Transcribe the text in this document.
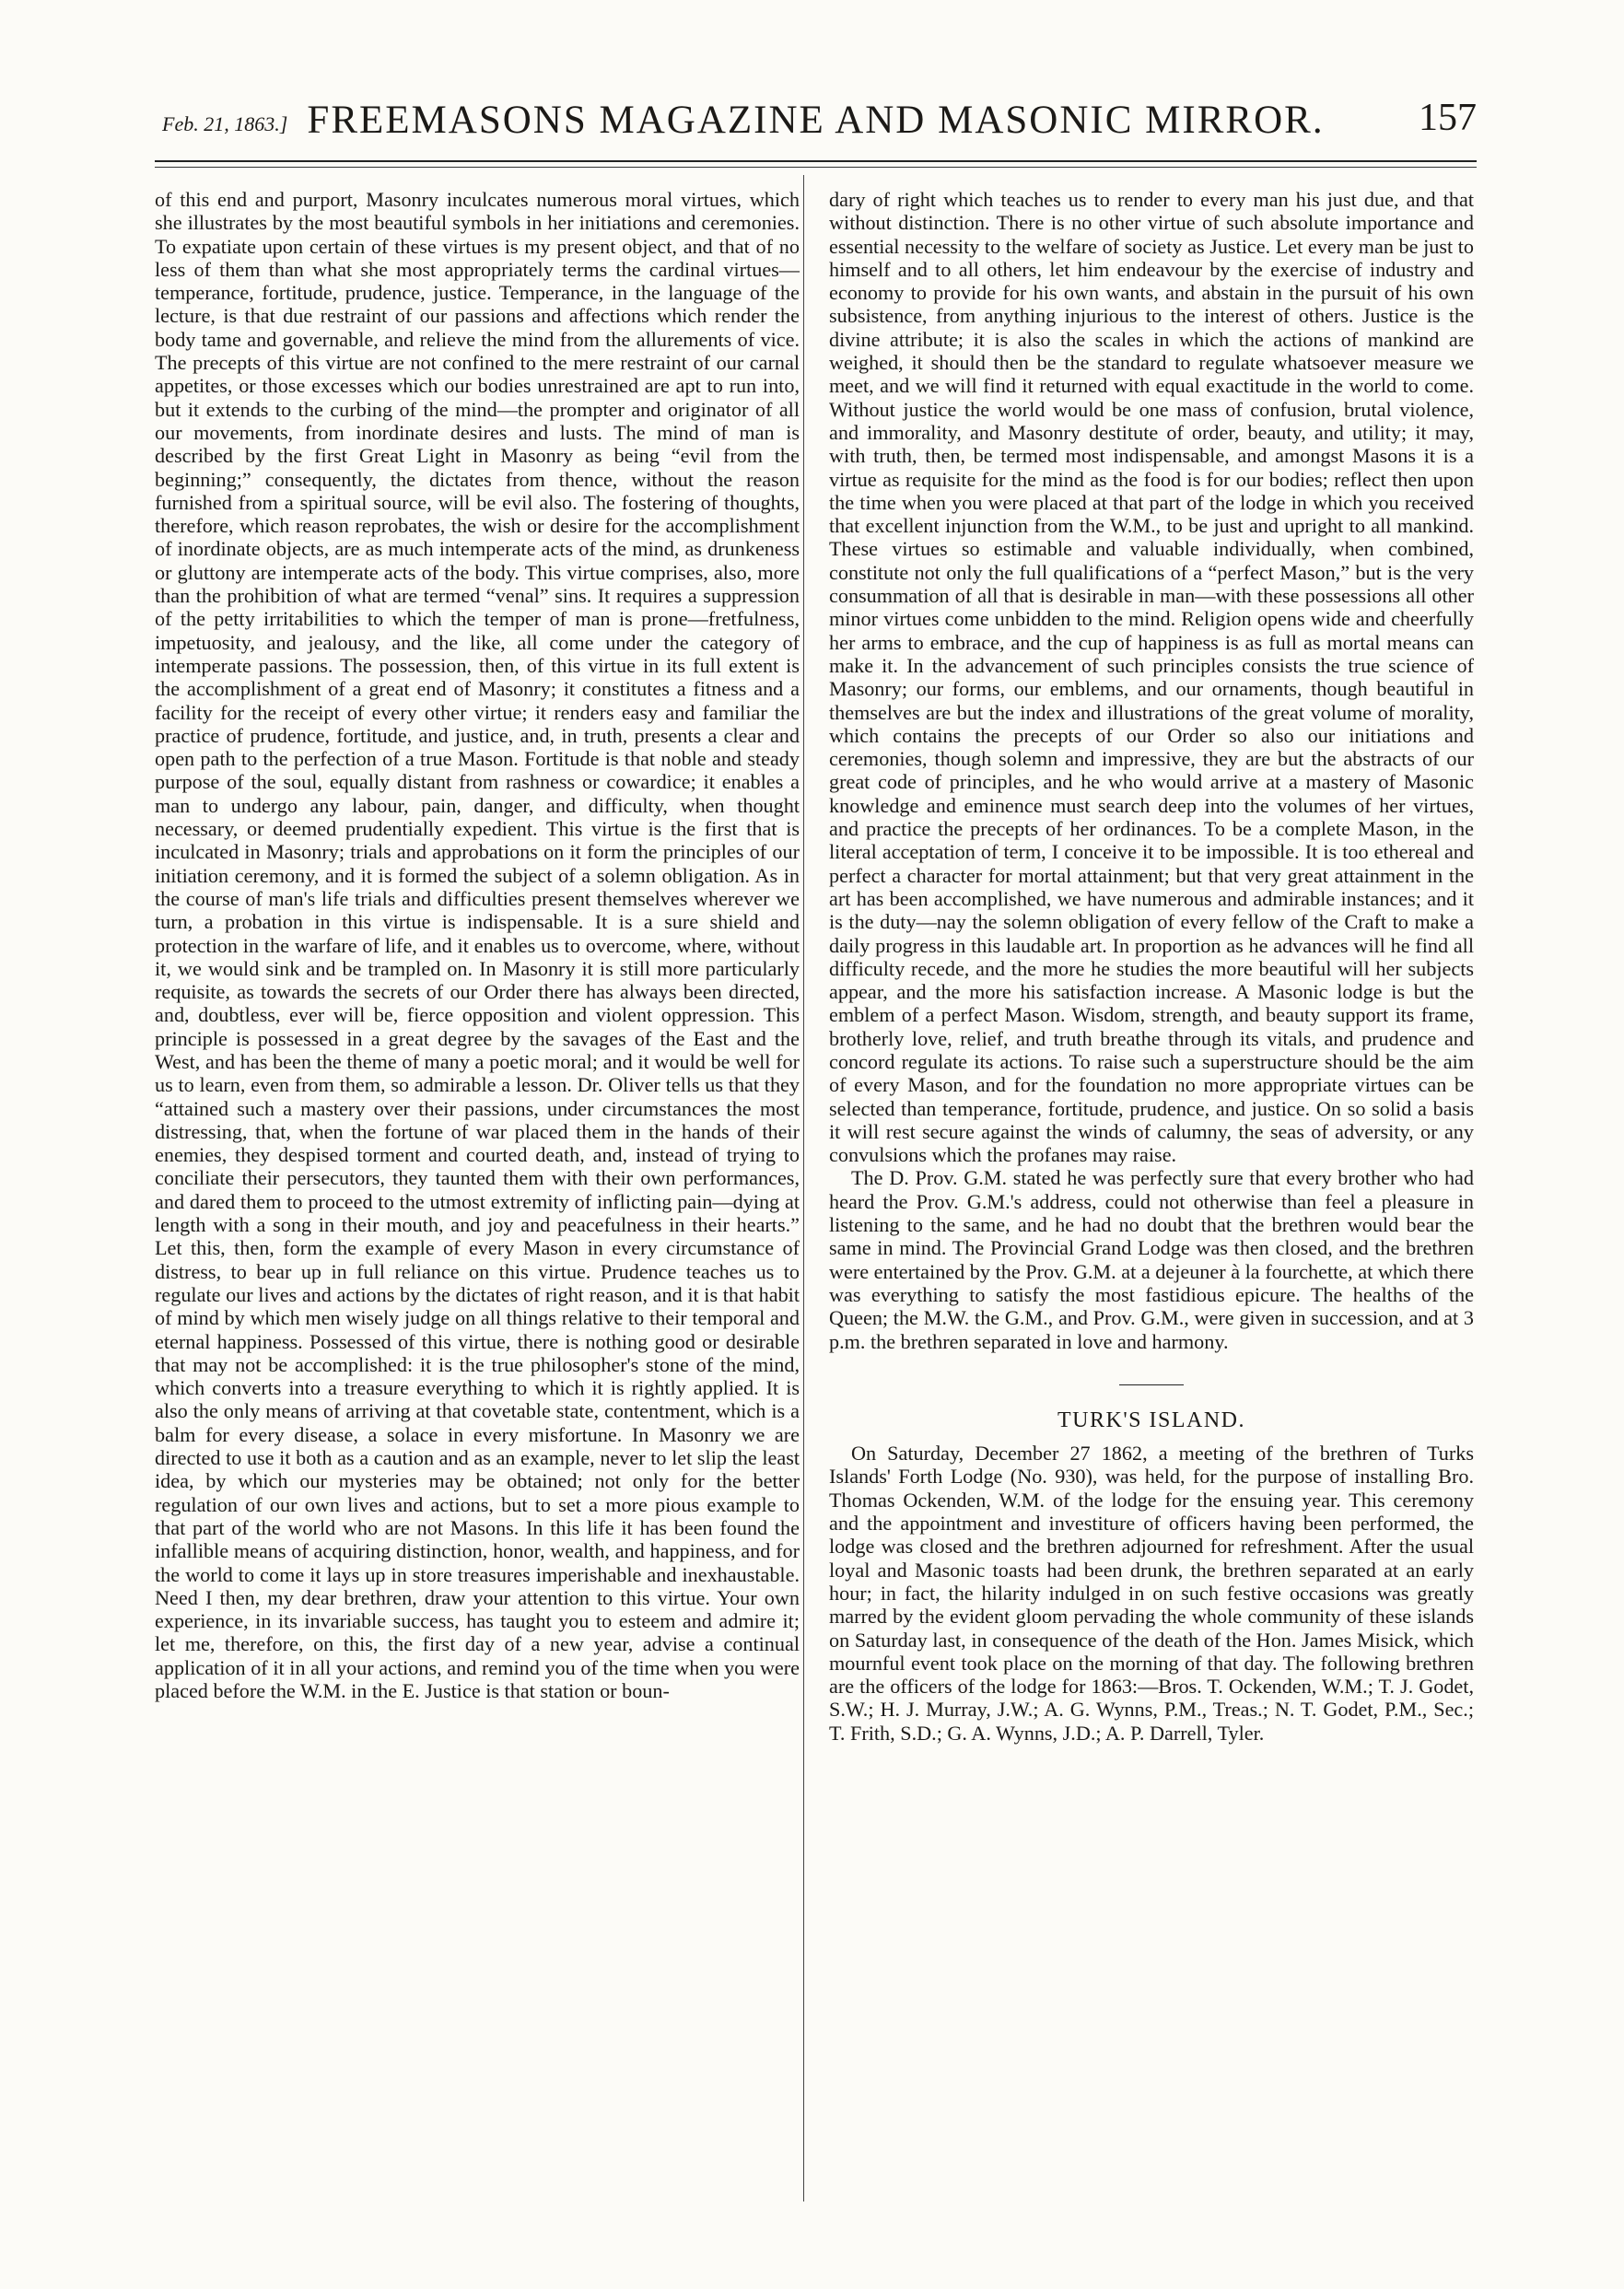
Feb. 21, 1863.] FREEMASONS MAGAZINE AND MASONIC MIRROR.	157

of this end and purport, Masonry inculcates numerous moral virtues, which she illustrates by the most beautiful symbols in her initiations and ceremonies. To expatiate upon certain of these virtues is my present object, and that of no less of them than what she most appropriately terms the cardinal virtues—temperance, fortitude, prudence, justice. Temperance, in the language of the lecture, is that due restraint of our passions and affections which render the body tame and governable, and relieve the mind from the allurements of vice. The precepts of this virtue are not confined to the mere restraint of our carnal appetites, or those excesses which our bodies unrestrained are apt to run into, but it extends to the curbing of the mind—the prompter and originator of all our movements, from inordinate desires and lusts. The mind of man is described by the first Great Light in Masonry as being “evil from the beginning;” consequently, the dictates from thence, without the reason furnished from a spiritual source, will be evil also. The fostering of thoughts, therefore, which reason reprobates, the wish or desire for the accomplishment of inordinate objects, are as much intemperate acts of the mind, as drunkeness or gluttony are intemperate acts of the body. This virtue comprises, also, more than the prohibition of what are termed “venal” sins. It requires a suppression of the petty irritabilities to which the temper of man is prone—fretfulness, impetuosity, and jealousy, and the like, all come under the category of intemperate passions. The possession, then, of this virtue in its full extent is the accomplishment of a great end of Masonry; it constitutes a fitness and a facility for the receipt of every other virtue; it renders easy and familiar the practice of prudence, fortitude, and justice, and, in truth, presents a clear and open path to the perfection of a true Mason. Fortitude is that noble and steady purpose of the soul, equally distant from rashness or cowardice; it enables a man to undergo any labour, pain, danger, and difficulty, when thought necessary, or deemed prudentially expedient. This virtue is the first that is inculcated in Masonry; trials and approbations on it form the principles of our initiation ceremony, and it is formed the subject of a solemn obligation. As in the course of man's life trials and difficulties present themselves wherever we turn, a probation in this virtue is indispensable. It is a sure shield and protection in the warfare of life, and it enables us to overcome, where, without it, we would sink and be trampled on. In Masonry it is still more particularly requisite, as towards the secrets of our Order there has always been directed, and, doubtless, ever will be, fierce opposition and violent oppression. This principle is possessed in a great degree by the savages of the East and the West, and has been the theme of many a poetic moral; and it would be well for us to learn, even from them, so admirable a lesson. Dr. Oliver tells us that they “attained such a mastery over their passions, under circumstances the most distressing, that, when the fortune of war placed them in the hands of their enemies, they despised torment and courted death, and, instead of trying to conciliate their persecutors, they taunted them with their own performances, and dared them to proceed to the utmost extremity of inflicting pain—dying at length with a song in their mouth, and joy and peacefulness in their hearts.” Let this, then, form the example of every Mason in every circumstance of distress, to bear up in full reliance on this virtue. Prudence teaches us to regulate our lives and actions by the dictates of right reason, and it is that habit of mind by which men wisely judge on all things relative to their temporal and eternal happiness. Possessed of this virtue, there is nothing good or desirable that may not be accomplished: it is the true philosopher's stone of the mind, which converts into a treasure everything to which it is rightly applied. It is also the only means of arriving at that covetable state, contentment, which is a balm for every disease, a solace in every misfortune. In Masonry we are directed to use it both as a caution and as an example, never to let slip the least idea, by which our mysteries may be obtained; not only for the better regulation of our own lives and actions, but to set a more pious example to that part of the world who are not Masons. In this life it has been found the infallible means of acquiring distinction, honor, wealth, and happiness, and for the world to come it lays up in store treasures imperishable and inexhaustable. Need I then, my dear brethren, draw your attention to this virtue. Your own experience, in its invariable success, has taught you to esteem and admire it; let me, therefore, on this, the first day of a new year, advise a continual application of it in all your actions, and remind you of the time when you were placed before the W.M. in the E. Justice is that station or boun-

dary of right which teaches us to render to every man his just due, and that without distinction. There is no other virtue of such absolute importance and essential necessity to the welfare of society as Justice. Let every man be just to himself and to all others, let him endeavour by the exercise of industry and economy to provide for his own wants, and abstain in the pursuit of his own subsistence, from anything injurious to the interest of others. Justice is the divine attribute; it is also the scales in which the actions of mankind are weighed, it should then be the standard to regulate whatsoever measure we meet, and we will find it returned with equal exactitude in the world to come. Without justice the world would be one mass of confusion, brutal violence, and immorality, and Masonry destitute of order, beauty, and utility; it may, with truth, then, be termed most indispensable, and amongst Masons it is a virtue as requisite for the mind as the food is for our bodies; reflect then upon the time when you were placed at that part of the lodge in which you received that excellent injunction from the W.M., to be just and upright to all mankind. These virtues so estimable and valuable individually, when combined, constitute not only the full qualifications of a “perfect Mason,” but is the very consummation of all that is desirable in man—with these possessions all other minor virtues come unbidden to the mind. Religion opens wide and cheerfully her arms to embrace, and the cup of happiness is as full as mortal means can make it. In the advancement of such principles consists the true science of Masonry; our forms, our emblems, and our ornaments, though beautiful in themselves are but the index and illustrations of the great volume of morality, which contains the precepts of our Order so also our initiations and ceremonies, though solemn and impressive, they are but the abstracts of our great code of principles, and he who would arrive at a mastery of Masonic knowledge and eminence must search deep into the volumes of her virtues, and practice the precepts of her ordinances. To be a complete Mason, in the literal acceptation of term, I conceive it to be impossible. It is too ethereal and perfect a character for mortal attainment; but that very great attainment in the art has been accomplished, we have numerous and admirable instances; and it is the duty—nay the solemn obligation of every fellow of the Craft to make a daily progress in this laudable art. In proportion as he advances will he find all difficulty recede, and the more he studies the more beautiful will her subjects appear, and the more his satisfaction increase. A Masonic lodge is but the emblem of a perfect Mason. Wisdom, strength, and beauty support its frame, brotherly love, relief, and truth breathe through its vitals, and prudence and concord regulate its actions. To raise such a superstructure should be the aim of every Mason, and for the foundation no more appropriate virtues can be selected than temperance, fortitude, prudence, and justice. On so solid a basis it will rest secure against the winds of calumny, the seas of adversity, or any convulsions which the profanes may raise.

The D. Prov. G.M. stated he was perfectly sure that every brother who had heard the Prov. G.M.'s address, could not otherwise than feel a pleasure in listening to the same, and he had no doubt that the brethren would bear the same in mind. The Provincial Grand Lodge was then closed, and the brethren were entertained by the Prov. G.M. at a dejeuner à la fourchette, at which there was everything to satisfy the most fastidious epicure. The healths of the Queen; the M.W. the G.M., and Prov. G.M., were given in succession, and at 3 p.m. the brethren separated in love and harmony.

TURK'S ISLAND.

On Saturday, December 27 1862, a meeting of the brethren of Turks Islands' Forth Lodge (No. 930), was held, for the purpose of installing Bro. Thomas Ockenden, W.M. of the lodge for the ensuing year. This ceremony and the appointment and investiture of officers having been performed, the lodge was closed and the brethren adjourned for refreshment. After the usual loyal and Masonic toasts had been drunk, the brethren separated at an early hour; in fact, the hilarity indulged in on such festive occasions was greatly marred by the evident gloom pervading the whole community of these islands on Saturday last, in consequence of the death of the Hon. James Misick, which mournful event took place on the morning of that day. The following brethren are the officers of the lodge for 1863:—Bros. T. Ockenden, W.M.; T. J. Godet, S.W.; H. J. Murray, J.W.; A. G. Wynns, P.M., Treas.; N. T. Godet, P.M., Sec.; T. Frith, S.D.; G. A. Wynns, J.D.; A. P. Darrell, Tyler.
